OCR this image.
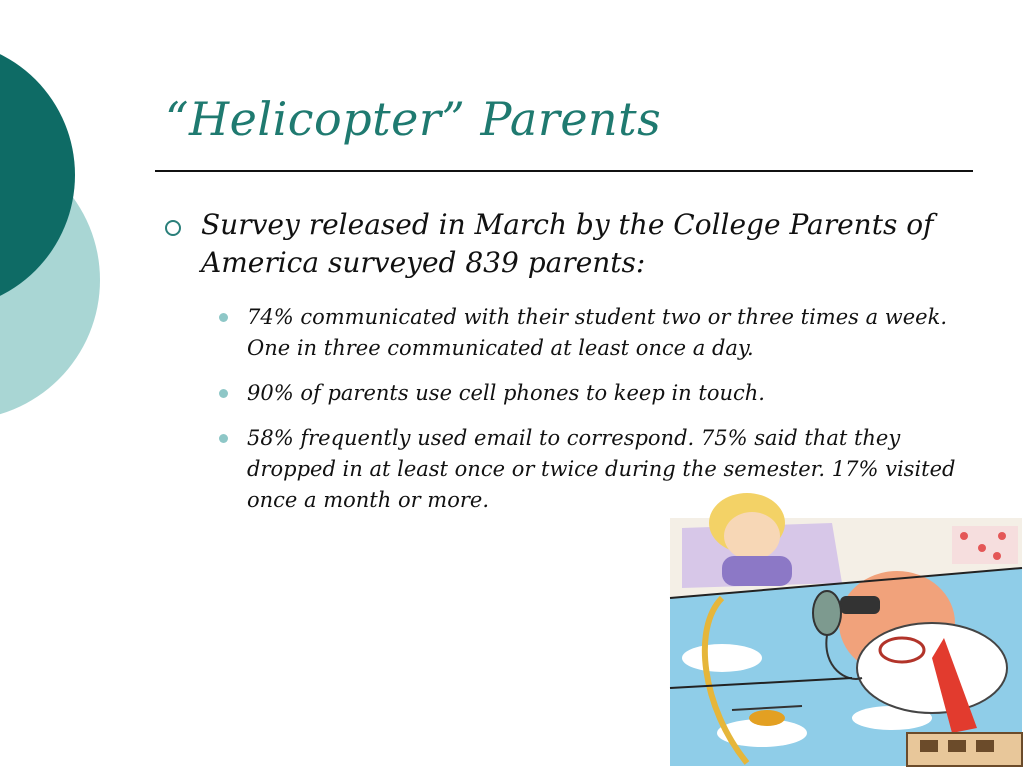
“Helicopter” Parents
Survey released in March by the College Parents of America surveyed 839 parents:
74% communicated with their student two or three times a week. One in three communicated at least once a day.
90% of parents use cell phones to keep in touch.
58% frequently used email to correspond. 75% said that they dropped in at least once or twice during the semester. 17% visited once a month or more.
